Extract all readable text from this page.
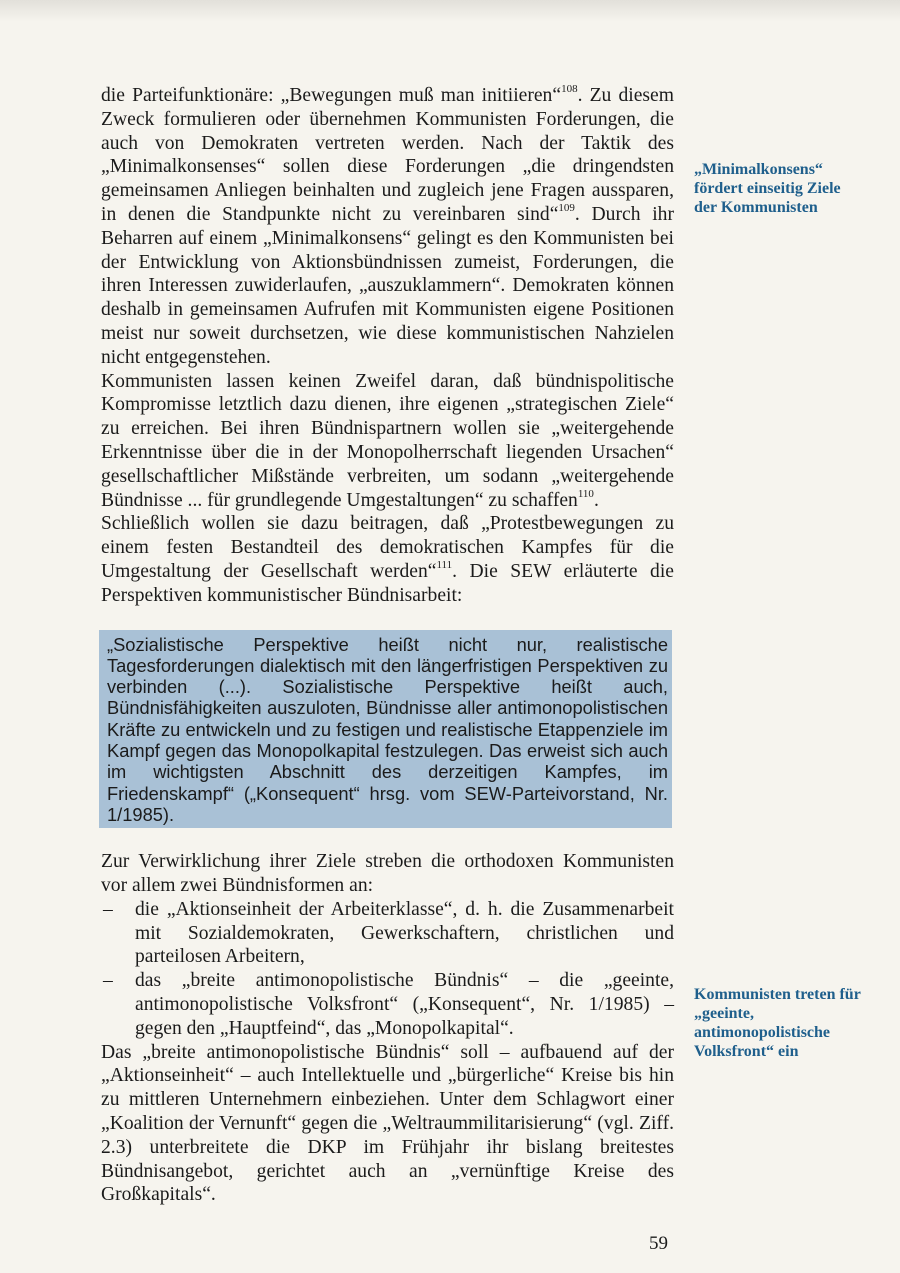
die Parteifunktionäre: „Bewegungen muß man initiieren“$^{108}$. Zu diesem Zweck formulieren oder übernehmen Kommunisten Forderungen, die auch von Demokraten vertreten werden. Nach der Taktik des „Minimalkonsenses“ sollen diese Forderungen „die dringendsten gemeinsamen Anliegen beinhalten und zugleich jene Fragen aussparen, in denen die Standpunkte nicht zu vereinbaren sind“$^{109}$. Durch ihr Beharren auf einem „Minimalkonsens“ gelingt es den Kommunisten bei der Entwicklung von Aktionsbündnissen zumeist, Forderungen, die ihren Interessen zuwiderlaufen, „auszuklammern“. Demokraten können deshalb in gemeinsamen Aufrufen mit Kommunisten eigene Positionen meist nur soweit durchsetzen, wie diese kommunistischen Nahzielen nicht entgegenstehen.

Kommunisten lassen keinen Zweifel daran, daß bündnispolitische Kompromisse letztlich dazu dienen, ihre eigenen „strategischen Ziele“ zu erreichen. Bei ihren Bündnispartnern wollen sie „weitergehende Erkenntnisse über die in der Monopolherrschaft liegenden Ursachen“ gesellschaftlicher Mißstände verbreiten, um sodann „weitergehende Bündnisse ... für grundlegende Umgestaltungen“ zu schaffen$^{110}$.

Schließlich wollen sie dazu beitragen, daß „Protestbewegungen zu einem festen Bestandteil des demokratischen Kampfes für die Umgestaltung der Gesellschaft werden“$^{111}$. Die SEW erläuterte die Perspektiven kommunistischer Bündnisarbeit:

„Sozialistische Perspektive heißt nicht nur, realistische Tagesforderungen dialektisch mit den längerfristigen Perspektiven zu verbinden (...). Sozialistische Perspektive heißt auch, Bündnisfähigkeiten auszuloten, Bündnisse aller antimonopolistischen Kräfte zu entwickeln und zu festigen und realistische Etappenziele im Kampf gegen das Monopolkapital festzulegen. Das erweist sich auch im wichtigsten Abschnitt des derzeitigen Kampfes, im Friedenskampf“ („Konsequent“ hrsg. vom SEW-Parteivorstand, Nr. 1/1985).

Zur Verwirklichung ihrer Ziele streben die orthodoxen Kommunisten vor allem zwei Bündnisformen an:

– die „Aktionseinheit der Arbeiterklasse“, d. h. die Zusammenarbeit mit Sozialdemokraten, Gewerkschaftern, christlichen und parteilosen Arbeitern,
– das „breite antimonopolistische Bündnis“ – die „geeinte, antimonopolistische Volksfront“ („Konsequent“, Nr. 1/1985) – gegen den „Hauptfeind“, das „Monopolkapital“.

Das „breite antimonopolistische Bündnis“ soll – aufbauend auf der „Aktionseinheit“ – auch Intellektuelle und „bürgerliche“ Kreise bis hin zu mittleren Unternehmern einbeziehen. Unter dem Schlagwort einer „Koalition der Vernunft“ gegen die „Weltraummilitarisierung“ (vgl. Ziff. 2.3) unterbreitete die DKP im Frühjahr ihr bislang breitestes Bündnisangebot, gerichtet auch an „vernünftige Kreise des Großkapitals“.

„Minimalkonsens“ fördert einseitig Ziele der Kommunisten
Kommunisten treten für „geeinte, antimonopolistische Volksfront“ ein
59
